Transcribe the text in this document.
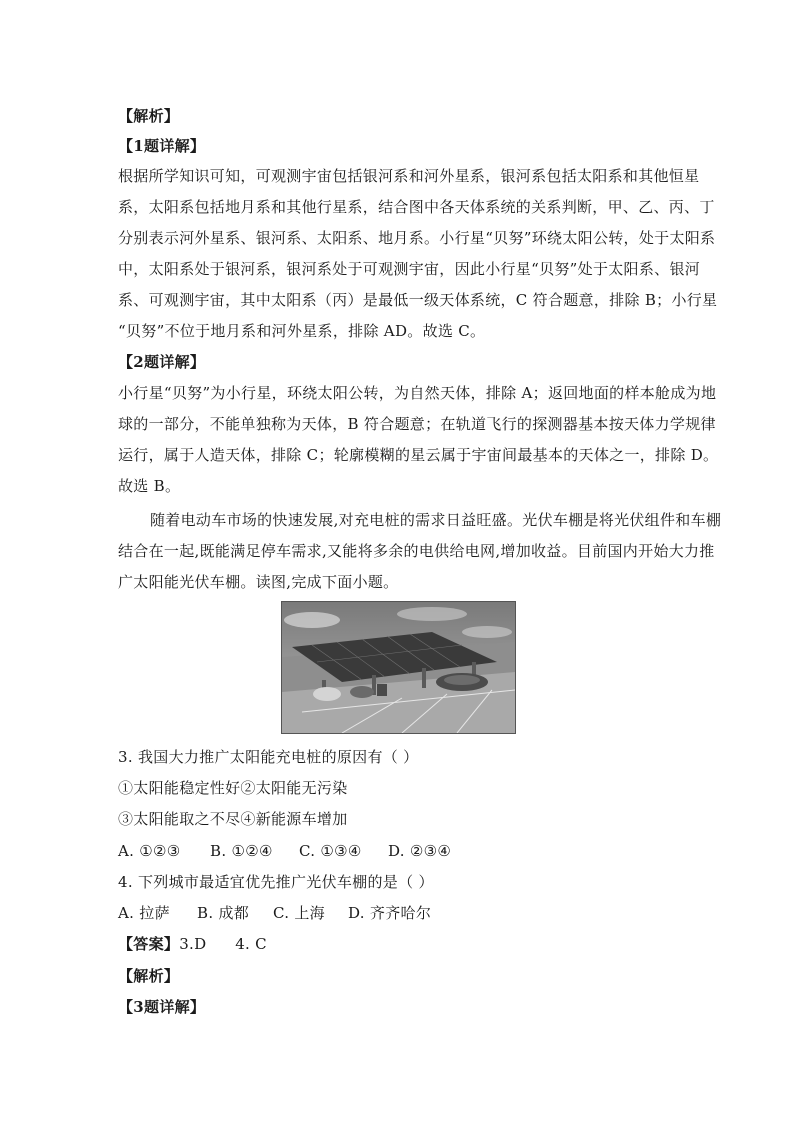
【解析】
【1题详解】
根据所学知识可知，可观测宇宙包括银河系和河外星系，银河系包括太阳系和其他恒星
系，太阳系包括地月系和其他行星系，结合图中各天体系统的关系判断，甲、乙、丙、丁
分别表示河外星系、银河系、太阳系、地月系。小行星“贝努”环绕太阳公转，处于太阳系
中，太阳系处于银河系，银河系处于可观测宇宙，因此小行星“贝努”处于太阳系、银河
系、可观测宇宙，其中太阳系（丙）是最低一级天体系统，C 符合题意，排除 B；小行星
“贝努”不位于地月系和河外星系，排除 AD。故选 C。
【2题详解】
小行星“贝努”为小行星，环绕太阳公转，为自然天体，排除 A；返回地面的样本舱成为地
球的一部分，不能单独称为天体，B 符合题意；在轨道飞行的探测器基本按天体力学规律
运行，属于人造天体，排除 C；轮廓模糊的星云属于宇宙间最基本的天体之一，排除 D。
故选 B。
随着电动车市场的快速发展,对充电桩的需求日益旺盛。光伏车棚是将光伏组件和车棚
结合在一起,既能满足停车需求,又能将多余的电供给电网,增加收益。目前国内开始大力推
广太阳能光伏车棚。读图,完成下面小题。
3. 我国大力推广太阳能充电桩的原因有（ ）
①太阳能稳定性好②太阳能无污染
③太阳能取之不尽④新能源车增加
A. ①②③ B. ①②④ C. ①③④ D. ②③④
4. 下列城市最适宜优先推广光伏车棚的是（ ）
A. 拉萨 B. 成都 C. 上海 D. 齐齐哈尔
【答案】3.D 4. C
【解析】
【3题详解】
